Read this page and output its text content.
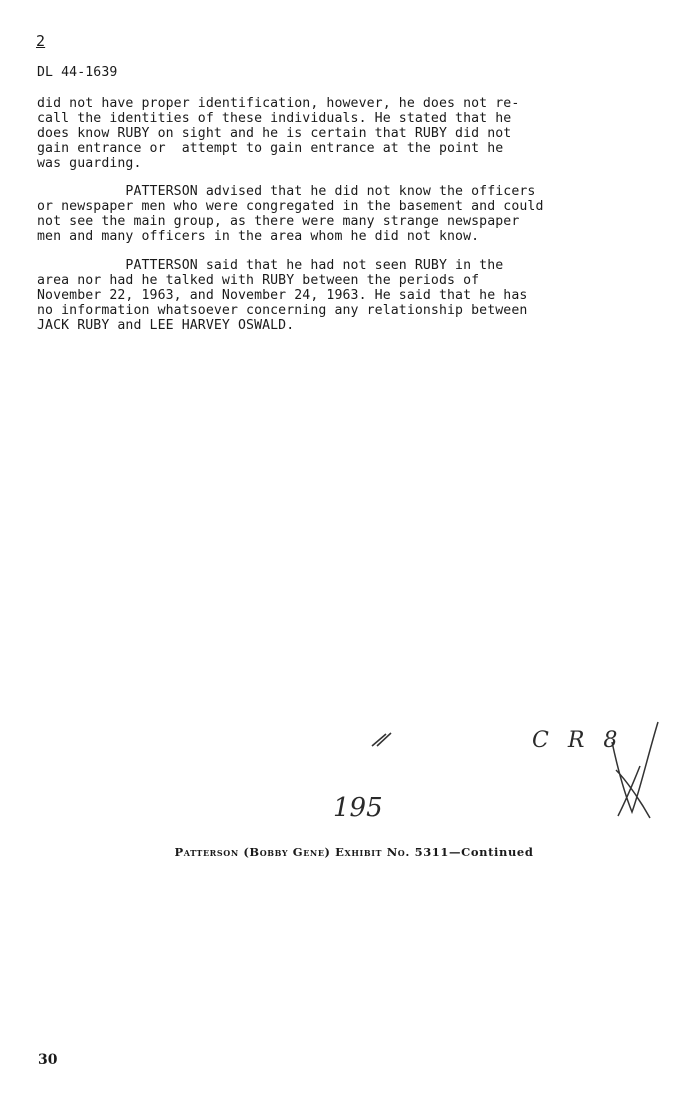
2
DL 44-1639
did not have proper identification, however, he does not re-
call the identities of these individuals. He stated that he
does know RUBY on sight and he is certain that RUBY did not
gain entrance or  attempt to gain entrance at the point he
was guarding.
PATTERSON advised that he did not know the officers
or newspaper men who were congregated in the basement and could
not see the main group, as there were many strange newspaper
men and many officers in the area whom he did not know.
PATTERSON said that he had not seen RUBY in the
area nor had he talked with RUBY between the periods of
November 22, 1963, and November 24, 1963. He said that he has
no information whatsoever concerning any relationship between
JACK RUBY and LEE HARVEY OSWALD.
C R 8
195
Patterson (Bobby Gene) Exhibit No. 5311—Continued
30
